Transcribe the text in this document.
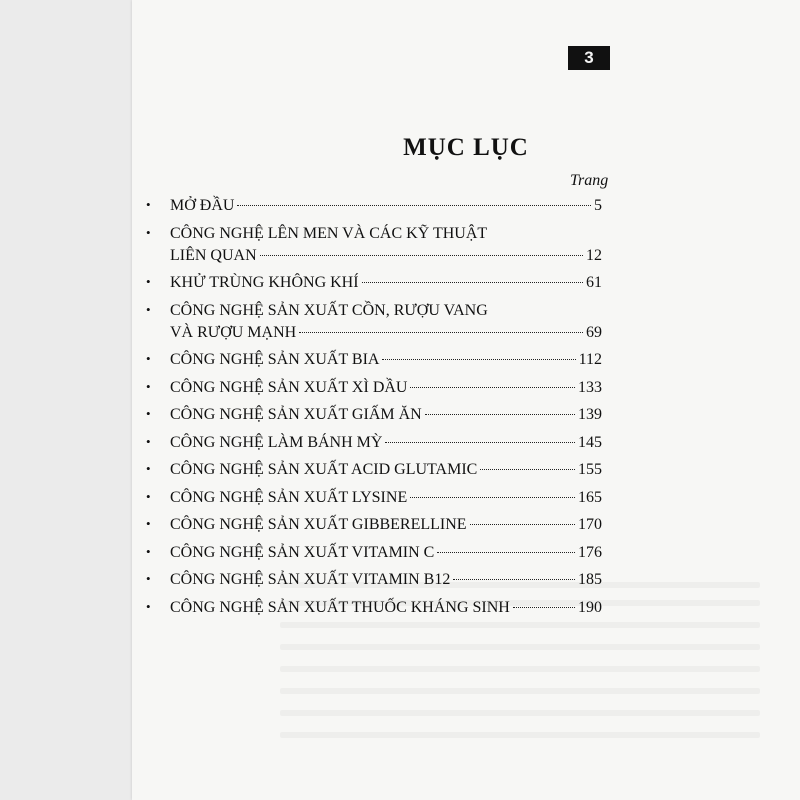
3
MỤC LỤC
Trang
•	MỞ ĐẦU	5
•	CÔNG NGHỆ LÊN MEN VÀ CÁC KỸ THUẬT
LIÊN QUAN	12
•	KHỬ TRÙNG KHÔNG KHÍ	61
•	CÔNG NGHỆ SẢN XUẤT CỒN, RƯỢU VANG
VÀ RƯỢU MẠNH	69
•	CÔNG NGHỆ SẢN XUẤT BIA	112
•	CÔNG NGHỆ SẢN XUẤT XÌ DẦU	133
•	CÔNG NGHỆ SẢN XUẤT GIẤM ĂN	139
•	CÔNG NGHỆ LÀM BÁNH MỲ	145
•	CÔNG NGHỆ SẢN XUẤT ACID GLUTAMIC	155
•	CÔNG NGHỆ SẢN XUẤT LYSINE	165
•	CÔNG NGHỆ SẢN XUẤT GIBBERELLINE	170
•	CÔNG NGHỆ SẢN XUẤT VITAMIN C	176
•	CÔNG NGHỆ SẢN XUẤT VITAMIN B12	185
•	CÔNG NGHỆ SẢN XUẤT THUỐC KHÁNG SINH	190
